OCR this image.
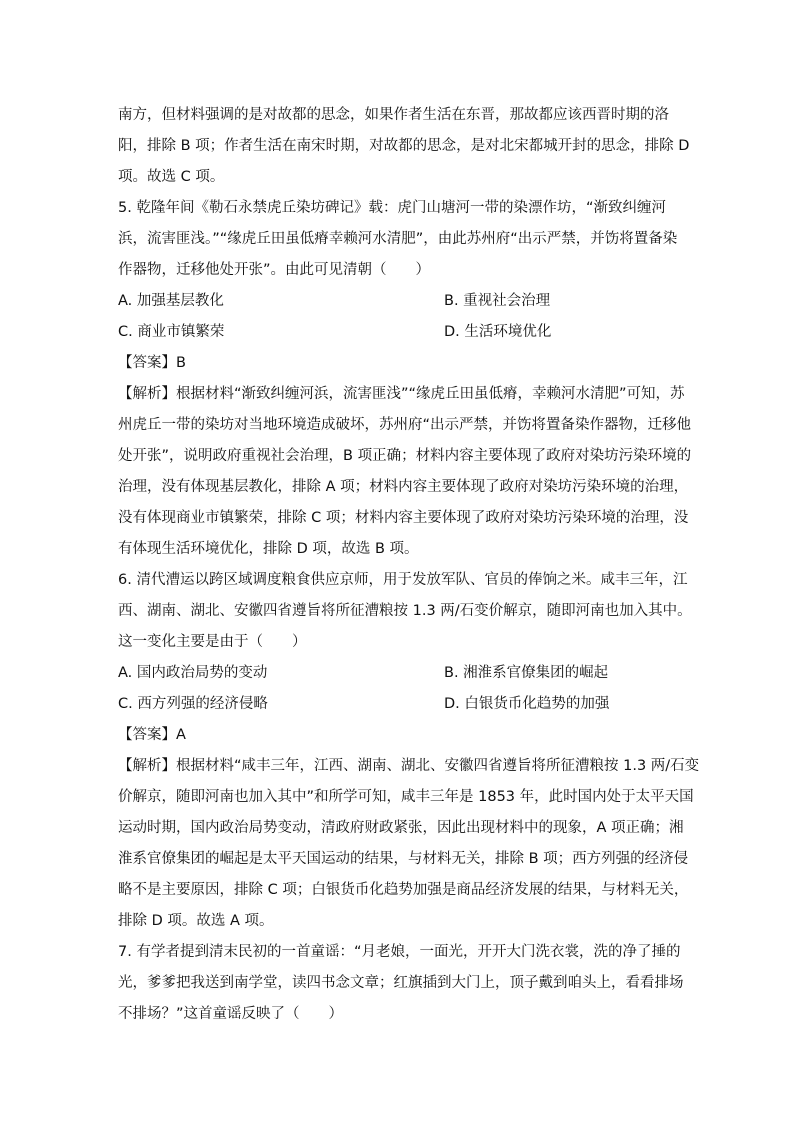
南方，但材料强调的是对故都的思念，如果作者生活在东晋，那故都应该西晋时期的洛
阳，排除 B 项；作者生活在南宋时期，对故都的思念，是对北宋都城开封的思念，排除 D
项。故选 C 项。
5. 乾隆年间《勒石永禁虎丘染坊碑记》载：虎门山塘河一带的染漂作坊，“渐致纠缠河
浜，流害匪浅。”“缘虎丘田虽低瘠幸赖河水清肥”，由此苏州府“出示严禁，并饬将置备染
作器物，迁移他处开张”。由此可见清朝（　　）
A. 加强基层教化	B. 重视社会治理
C. 商业市镇繁荣	D. 生活环境优化
【答案】B
【解析】根据材料“渐致纠缠河浜，流害匪浅”“缘虎丘田虽低瘠，幸赖河水清肥”可知，苏
州虎丘一带的染坊对当地环境造成破坏，苏州府“出示严禁，并饬将置备染作器物，迁移他
处开张”，说明政府重视社会治理，B 项正确；材料内容主要体现了政府对染坊污染环境的
治理，没有体现基层教化，排除 A 项；材料内容主要体现了政府对染坊污染环境的治理，
没有体现商业市镇繁荣，排除 C 项；材料内容主要体现了政府对染坊污染环境的治理，没
有体现生活环境优化，排除 D 项，故选 B 项。
6. 清代漕运以跨区域调度粮食供应京师，用于发放军队、官员的俸饷之米。咸丰三年，江
西、湖南、湖北、安徽四省遵旨将所征漕粮按 1.3 两/石变价解京，随即河南也加入其中。
这一变化主要是由于（　　）
A. 国内政治局势的变动	B. 湘淮系官僚集团的崛起
C. 西方列强的经济侵略	D. 白银货币化趋势的加强
【答案】A
【解析】根据材料“咸丰三年，江西、湖南、湖北、安徽四省遵旨将所征漕粮按 1.3 两/石变
价解京，随即河南也加入其中”和所学可知，咸丰三年是 1853 年，此时国内处于太平天国
运动时期，国内政治局势变动，清政府财政紧张，因此出现材料中的现象，A 项正确；湘
淮系官僚集团的崛起是太平天国运动的结果，与材料无关，排除 B 项；西方列强的经济侵
略不是主要原因，排除 C 项；白银货币化趋势加强是商品经济发展的结果，与材料无关，
排除 D 项。故选 A 项。
7. 有学者提到清末民初的一首童谣：“月老娘，一面光，开开大门洗衣裳，洗的净了捶的
光，爹爹把我送到南学堂，读四书念文章；红旗插到大门上，顶子戴到咱头上，看看排场
不排场？”这首童谣反映了（　　）
